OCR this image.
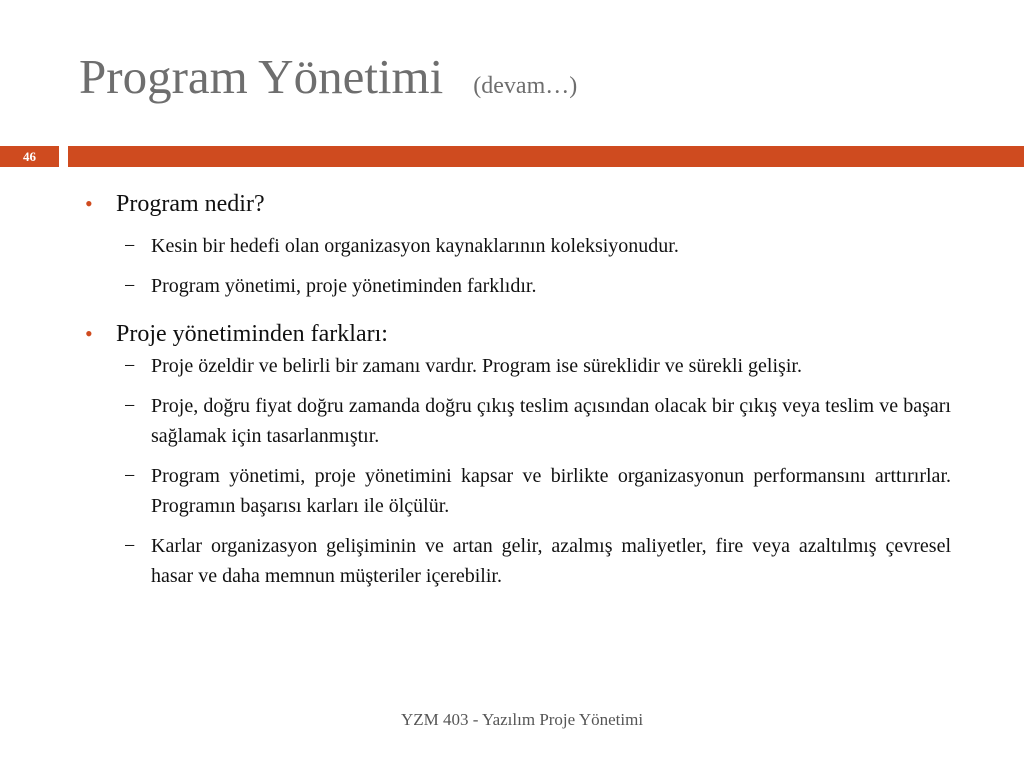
Program Yönetimi (devam…)
46
• Program nedir?
− Kesin bir hedefi olan organizasyon kaynaklarının koleksiyonudur.
− Program yönetimi, proje yönetiminden farklıdır.
• Proje yönetiminden farkları:
− Proje özeldir ve belirli bir zamanı vardır. Program ise süreklidir ve sürekli gelişir.
− Proje, doğru fiyat doğru zamanda doğru çıkış teslim açısından olacak bir çıkış veya teslim ve başarı sağlamak için tasarlanmıştır.
− Program yönetimi, proje yönetimini kapsar ve birlikte organizasyonun performansını arttırırlar. Programın başarısı karları ile ölçülür.
− Karlar organizasyon gelişiminin ve artan gelir, azalmış maliyetler, fire veya azaltılmış çevresel hasar ve daha memnun müşteriler içerebilir.
YZM 403 - Yazılım Proje Yönetimi
